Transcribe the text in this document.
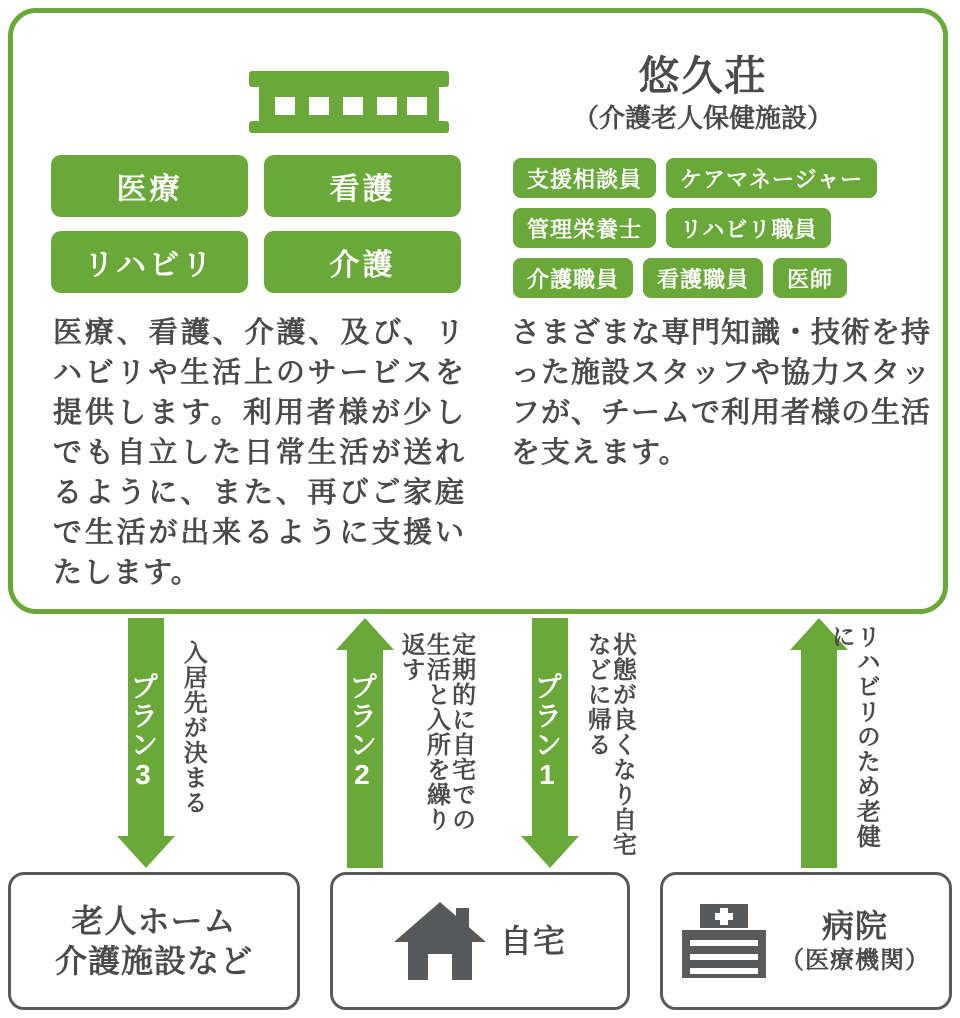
悠久荘
（介護老人保健施設）
医療	看護
リハビリ	介護
支援相談員	ケアマネージャー
管理栄養士	リハビリ職員
介護職員	看護職員	医師
医療、看護、介護、及び、リハビリや生活上のサービスを提供します。利用者様が少しでも自立した日常生活が送れるように、また、再びご家庭で生活が出来るように支援いたします。
さまざまな専門知識・技術を持った施設スタッフや協力スタッフが、チームで利用者様の生活を支えます。
プラン3 入居先が決まる	プラン2	定期的に自宅での生活と入所を繰り返す
プラン1	状態が良くなり自宅などに帰る	リハビリのため老健に
老人ホーム
介護施設など
自宅	病院
（医療機関）
